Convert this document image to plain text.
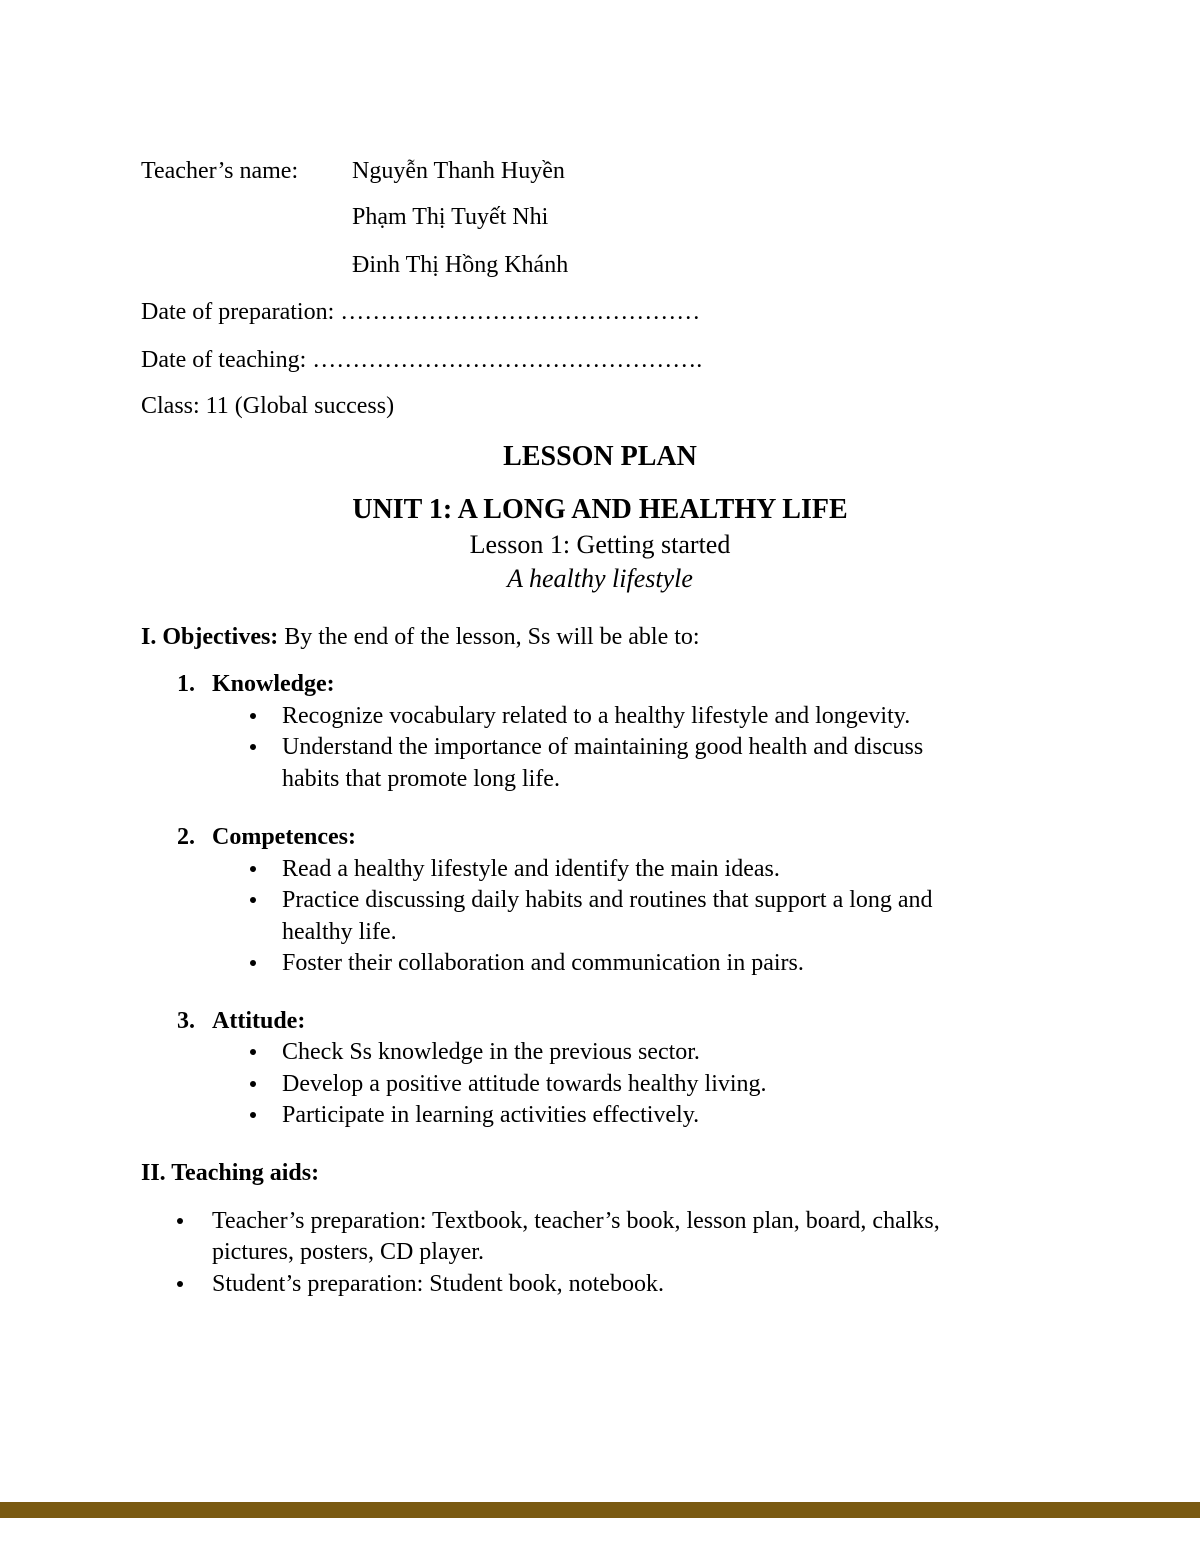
Teacher’s name: Nguyễn Thanh Huyền
Phạm Thị Tuyết Nhi
Đinh Thị Hồng Khánh
Date of preparation: ………………………………………
Date of teaching: ………………………………………….
Class: 11 (Global success)
LESSON PLAN
UNIT 1: A LONG AND HEALTHY LIFE
Lesson 1: Getting started
A healthy lifestyle
I. Objectives: By the end of the lesson, Ss will be able to:
1. Knowledge:
Recognize vocabulary related to a healthy lifestyle and longevity.
Understand the importance of maintaining good health and discuss
habits that promote long life.
2. Competences:
Read a healthy lifestyle and identify the main ideas.
Practice discussing daily habits and routines that support a long and
healthy life.
Foster their collaboration and communication in pairs.
3. Attitude:
Check Ss knowledge in the previous sector.
Develop a positive attitude towards healthy living.
Participate in learning activities effectively.
II. Teaching aids:
Teacher’s preparation: Textbook, teacher’s book, lesson plan, board, chalks,
pictures, posters, CD player.
Student’s preparation: Student book, notebook.
